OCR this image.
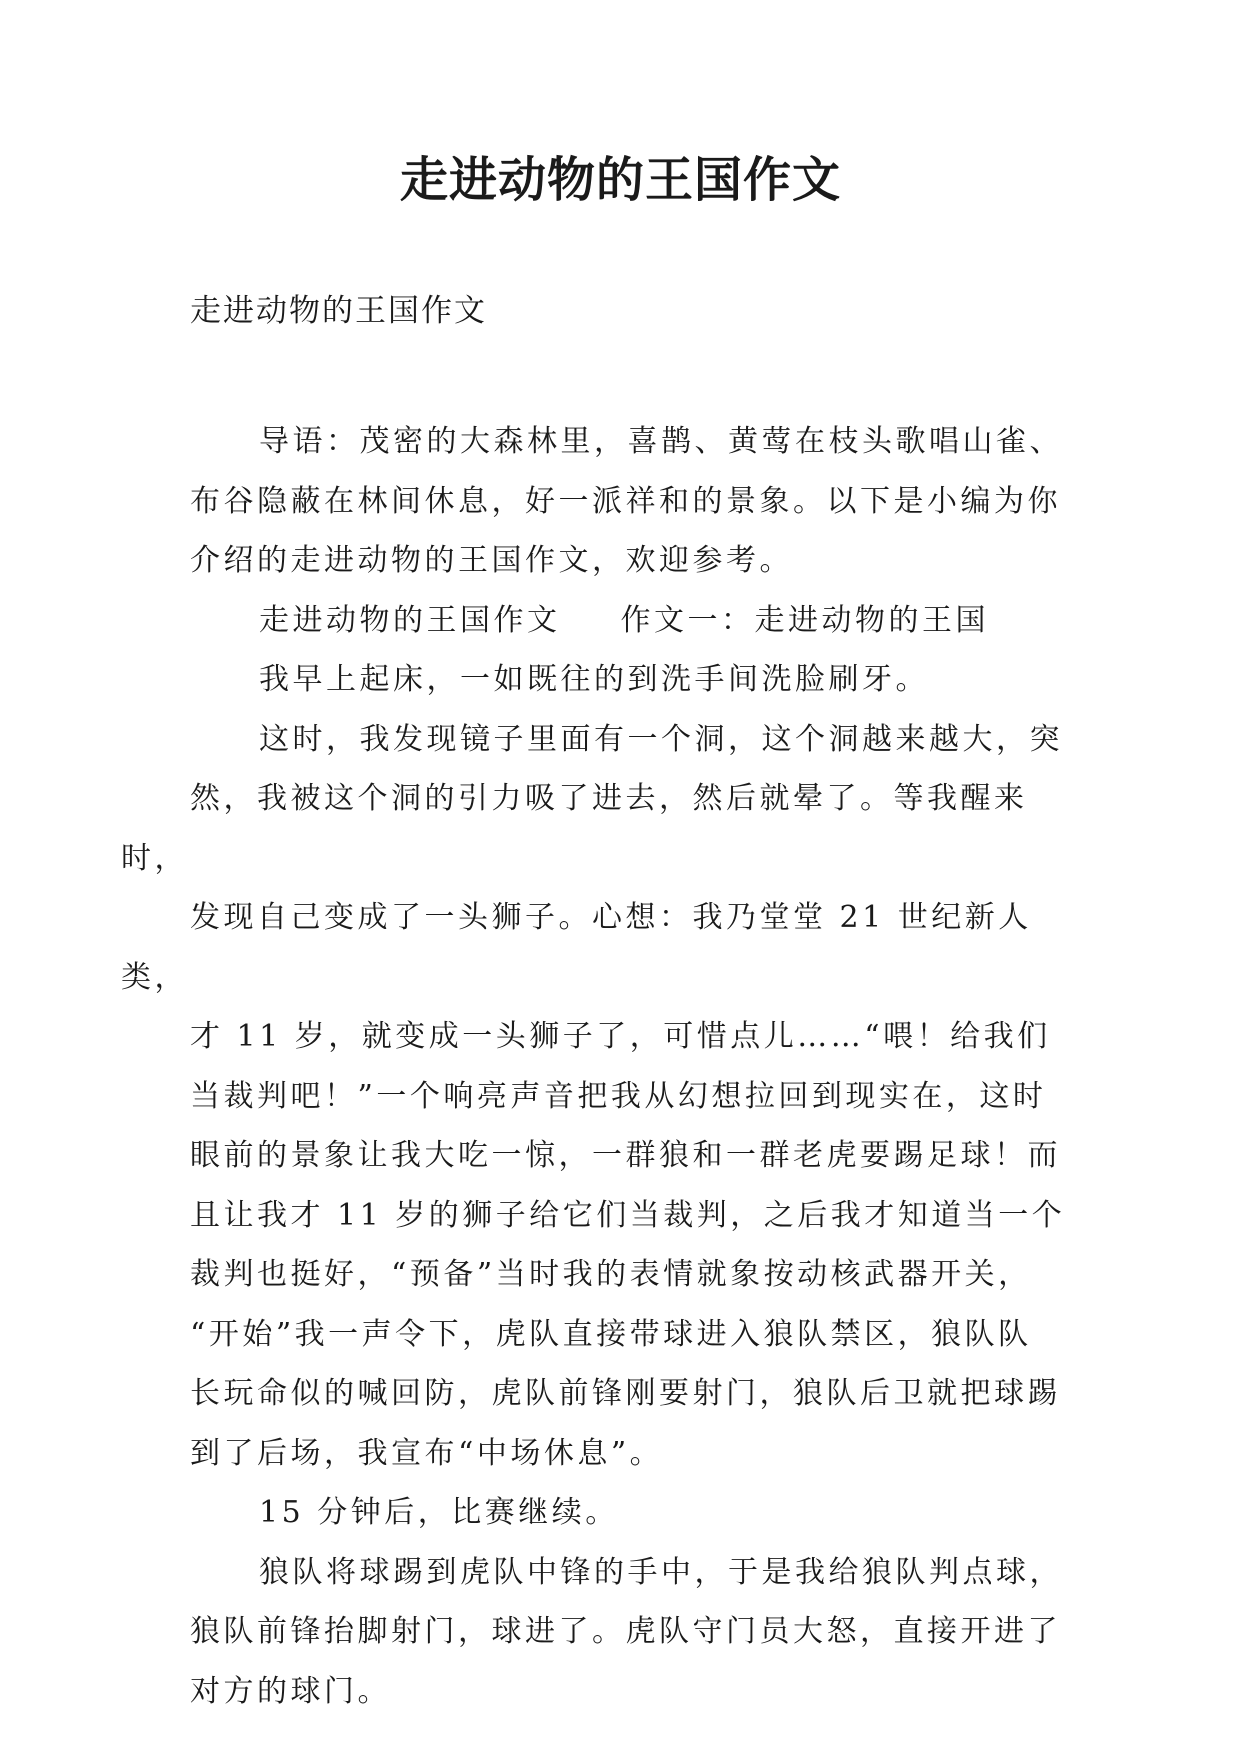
走进动物的王国作文
走进动物的王国作文

导语：茂密的大森林里，喜鹊、黄莺在枝头歌唱山雀、
布谷隐蔽在林间休息，好一派祥和的景象。以下是小编为你
介绍的走进动物的王国作文，欢迎参考。

走进动物的王国作文 作文一：走进动物的王国

我早上起床，一如既往的到洗手间洗脸刷牙。

这时，我发现镜子里面有一个洞，这个洞越来越大，突
然，我被这个洞的引力吸了进去，然后就晕了。等我醒来时，
发现自己变成了一头狮子。心想：我乃堂堂 21 世纪新人类，
才 11 岁，就变成一头狮子了，可惜点儿……“喂！给我们
当裁判吧！”一个响亮声音把我从幻想拉回到现实在，这时
眼前的景象让我大吃一惊，一群狼和一群老虎要踢足球！而
且让我才 11 岁的狮子给它们当裁判，之后我才知道当一个
裁判也挺好，“预备”当时我的表情就象按动核武器开关，
“开始”我一声令下，虎队直接带球进入狼队禁区，狼队队
长玩命似的喊回防，虎队前锋刚要射门，狼队后卫就把球踢
到了后场，我宣布“中场休息”。

15 分钟后，比赛继续。

狼队将球踢到虎队中锋的手中，于是我给狼队判点球，
狼队前锋抬脚射门，球进了。虎队守门员大怒，直接开进了
对方的球门。
